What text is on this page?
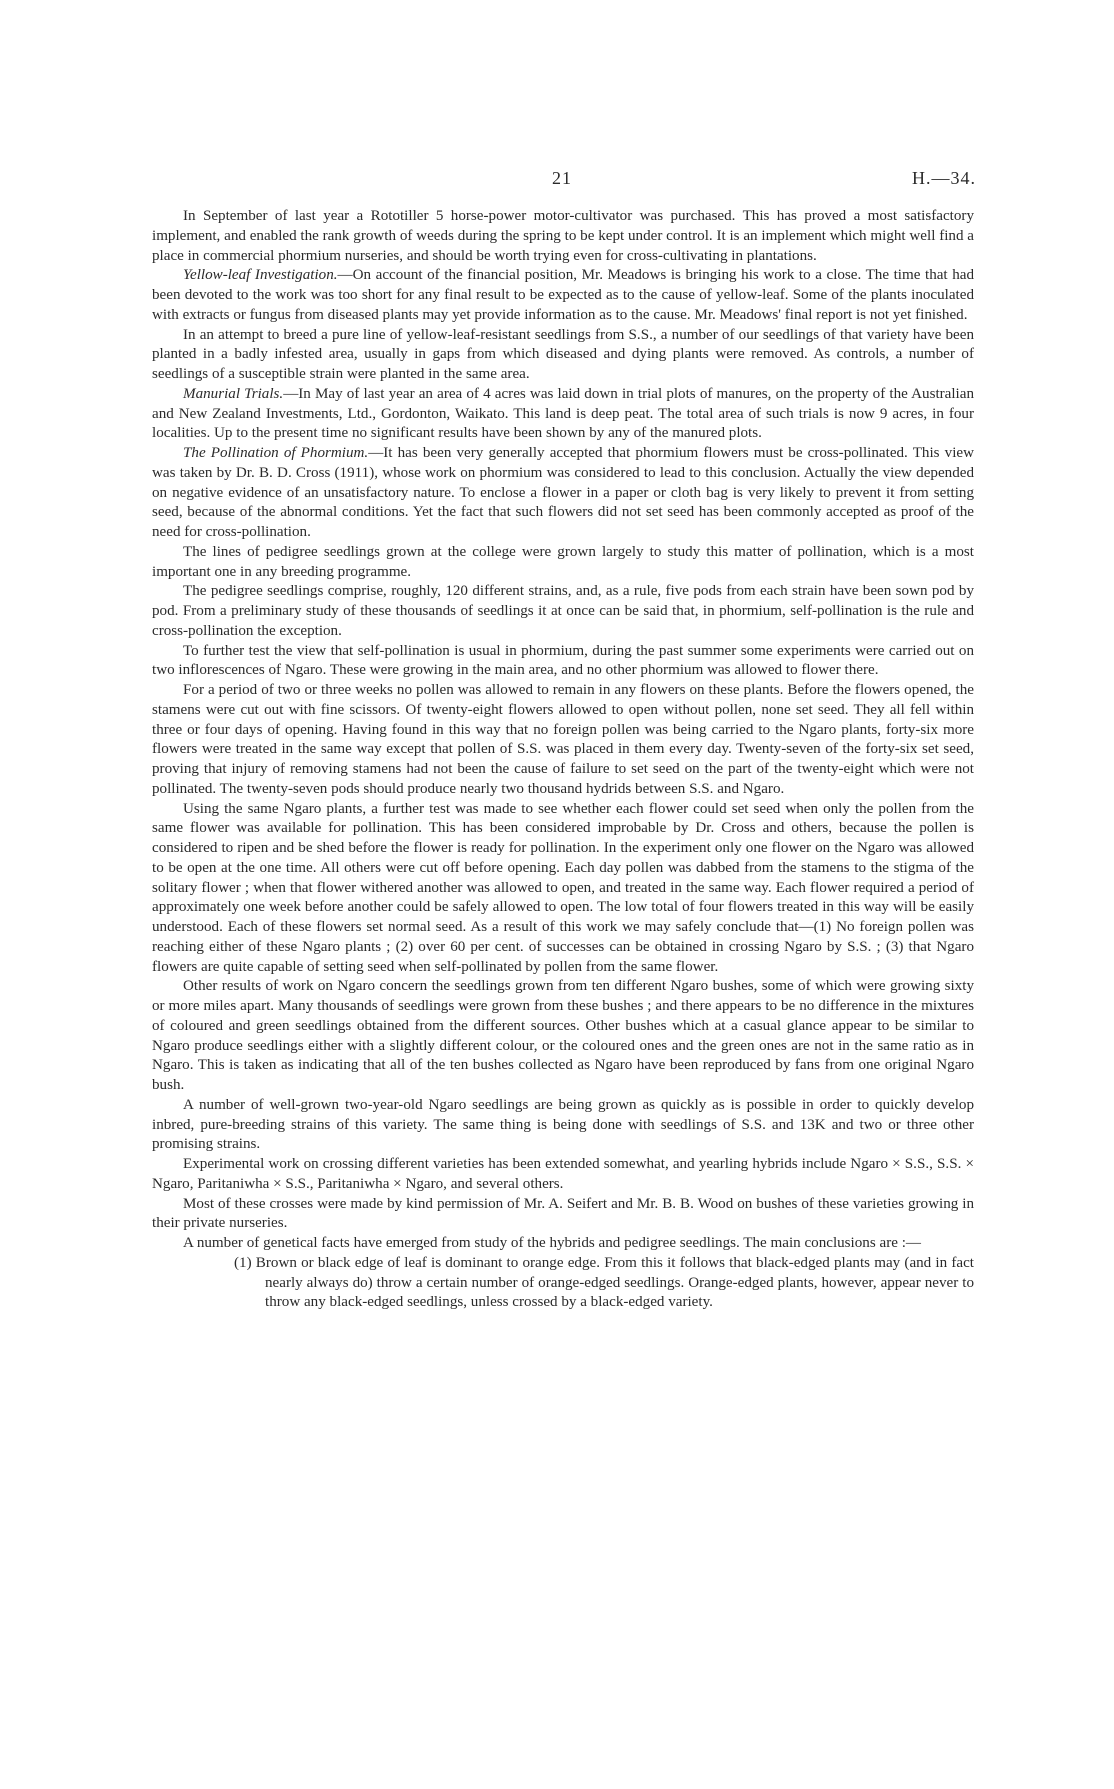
21	H.—34.

In September of last year a Rototiller 5 horse-power motor-cultivator was purchased. This has proved a most satisfactory implement, and enabled the rank growth of weeds during the spring to be kept under control. It is an implement which might well find a place in commercial phormium nurseries, and should be worth trying even for cross-cultivating in plantations.

Yellow-leaf Investigation.—On account of the financial position, Mr. Meadows is bringing his work to a close. The time that had been devoted to the work was too short for any final result to be expected as to the cause of yellow-leaf. Some of the plants inoculated with extracts or fungus from diseased plants may yet provide information as to the cause. Mr. Meadows' final report is not yet finished.

In an attempt to breed a pure line of yellow-leaf-resistant seedlings from S.S., a number of our seedlings of that variety have been planted in a badly infested area, usually in gaps from which diseased and dying plants were removed. As controls, a number of seedlings of a susceptible strain were planted in the same area.

Manurial Trials.—In May of last year an area of 4 acres was laid down in trial plots of manures, on the property of the Australian and New Zealand Investments, Ltd., Gordonton, Waikato. This land is deep peat. The total area of such trials is now 9 acres, in four localities. Up to the present time no significant results have been shown by any of the manured plots.

The Pollination of Phormium.—It has been very generally accepted that phormium flowers must be cross-pollinated. This view was taken by Dr. B. D. Cross (1911), whose work on phormium was considered to lead to this conclusion. Actually the view depended on negative evidence of an unsatisfactory nature. To enclose a flower in a paper or cloth bag is very likely to prevent it from setting seed, because of the abnormal conditions. Yet the fact that such flowers did not set seed has been commonly accepted as proof of the need for cross-pollination.

The lines of pedigree seedlings grown at the college were grown largely to study this matter of pollination, which is a most important one in any breeding programme.

The pedigree seedlings comprise, roughly, 120 different strains, and, as a rule, five pods from each strain have been sown pod by pod. From a preliminary study of these thousands of seedlings it at once can be said that, in phormium, self-pollination is the rule and cross-pollination the exception.

To further test the view that self-pollination is usual in phormium, during the past summer some experiments were carried out on two inflorescences of Ngaro. These were growing in the main area, and no other phormium was allowed to flower there.

For a period of two or three weeks no pollen was allowed to remain in any flowers on these plants. Before the flowers opened, the stamens were cut out with fine scissors. Of twenty-eight flowers allowed to open without pollen, none set seed. They all fell within three or four days of opening. Having found in this way that no foreign pollen was being carried to the Ngaro plants, forty-six more flowers were treated in the same way except that pollen of S.S. was placed in them every day. Twenty-seven of the forty-six set seed, proving that injury of removing stamens had not been the cause of failure to set seed on the part of the twenty-eight which were not pollinated. The twenty-seven pods should produce nearly two thousand hydrids between S.S. and Ngaro.

Using the same Ngaro plants, a further test was made to see whether each flower could set seed when only the pollen from the same flower was available for pollination. This has been considered improbable by Dr. Cross and others, because the pollen is considered to ripen and be shed before the flower is ready for pollination. In the experiment only one flower on the Ngaro was allowed to be open at the one time. All others were cut off before opening. Each day pollen was dabbed from the stamens to the stigma of the solitary flower ; when that flower withered another was allowed to open, and treated in the same way. Each flower required a period of approximately one week before another could be safely allowed to open. The low total of four flowers treated in this way will be easily understood. Each of these flowers set normal seed. As a result of this work we may safely conclude that—(1) No foreign pollen was reaching either of these Ngaro plants ; (2) over 60 per cent. of successes can be obtained in crossing Ngaro by S.S. ; (3) that Ngaro flowers are quite capable of setting seed when self-pollinated by pollen from the same flower.

Other results of work on Ngaro concern the seedlings grown from ten different Ngaro bushes, some of which were growing sixty or more miles apart. Many thousands of seedlings were grown from these bushes ; and there appears to be no difference in the mixtures of coloured and green seedlings obtained from the different sources. Other bushes which at a casual glance appear to be similar to Ngaro produce seedlings either with a slightly different colour, or the coloured ones and the green ones are not in the same ratio as in Ngaro. This is taken as indicating that all of the ten bushes collected as Ngaro have been reproduced by fans from one original Ngaro bush.

A number of well-grown two-year-old Ngaro seedlings are being grown as quickly as is possible in order to quickly develop inbred, pure-breeding strains of this variety. The same thing is being done with seedlings of S.S. and 13K and two or three other promising strains.

Experimental work on crossing different varieties has been extended somewhat, and yearling hybrids include Ngaro × S.S., S.S. × Ngaro, Paritaniwha × S.S., Paritaniwha × Ngaro, and several others.

Most of these crosses were made by kind permission of Mr. A. Seifert and Mr. B. B. Wood on bushes of these varieties growing in their private nurseries.

A number of genetical facts have emerged from study of the hybrids and pedigree seedlings. The main conclusions are :—

(1) Brown or black edge of leaf is dominant to orange edge. From this it follows that black-edged plants may (and in fact nearly always do) throw a certain number of orange-edged seedlings. Orange-edged plants, however, appear never to throw any black-edged seedlings, unless crossed by a black-edged variety.
